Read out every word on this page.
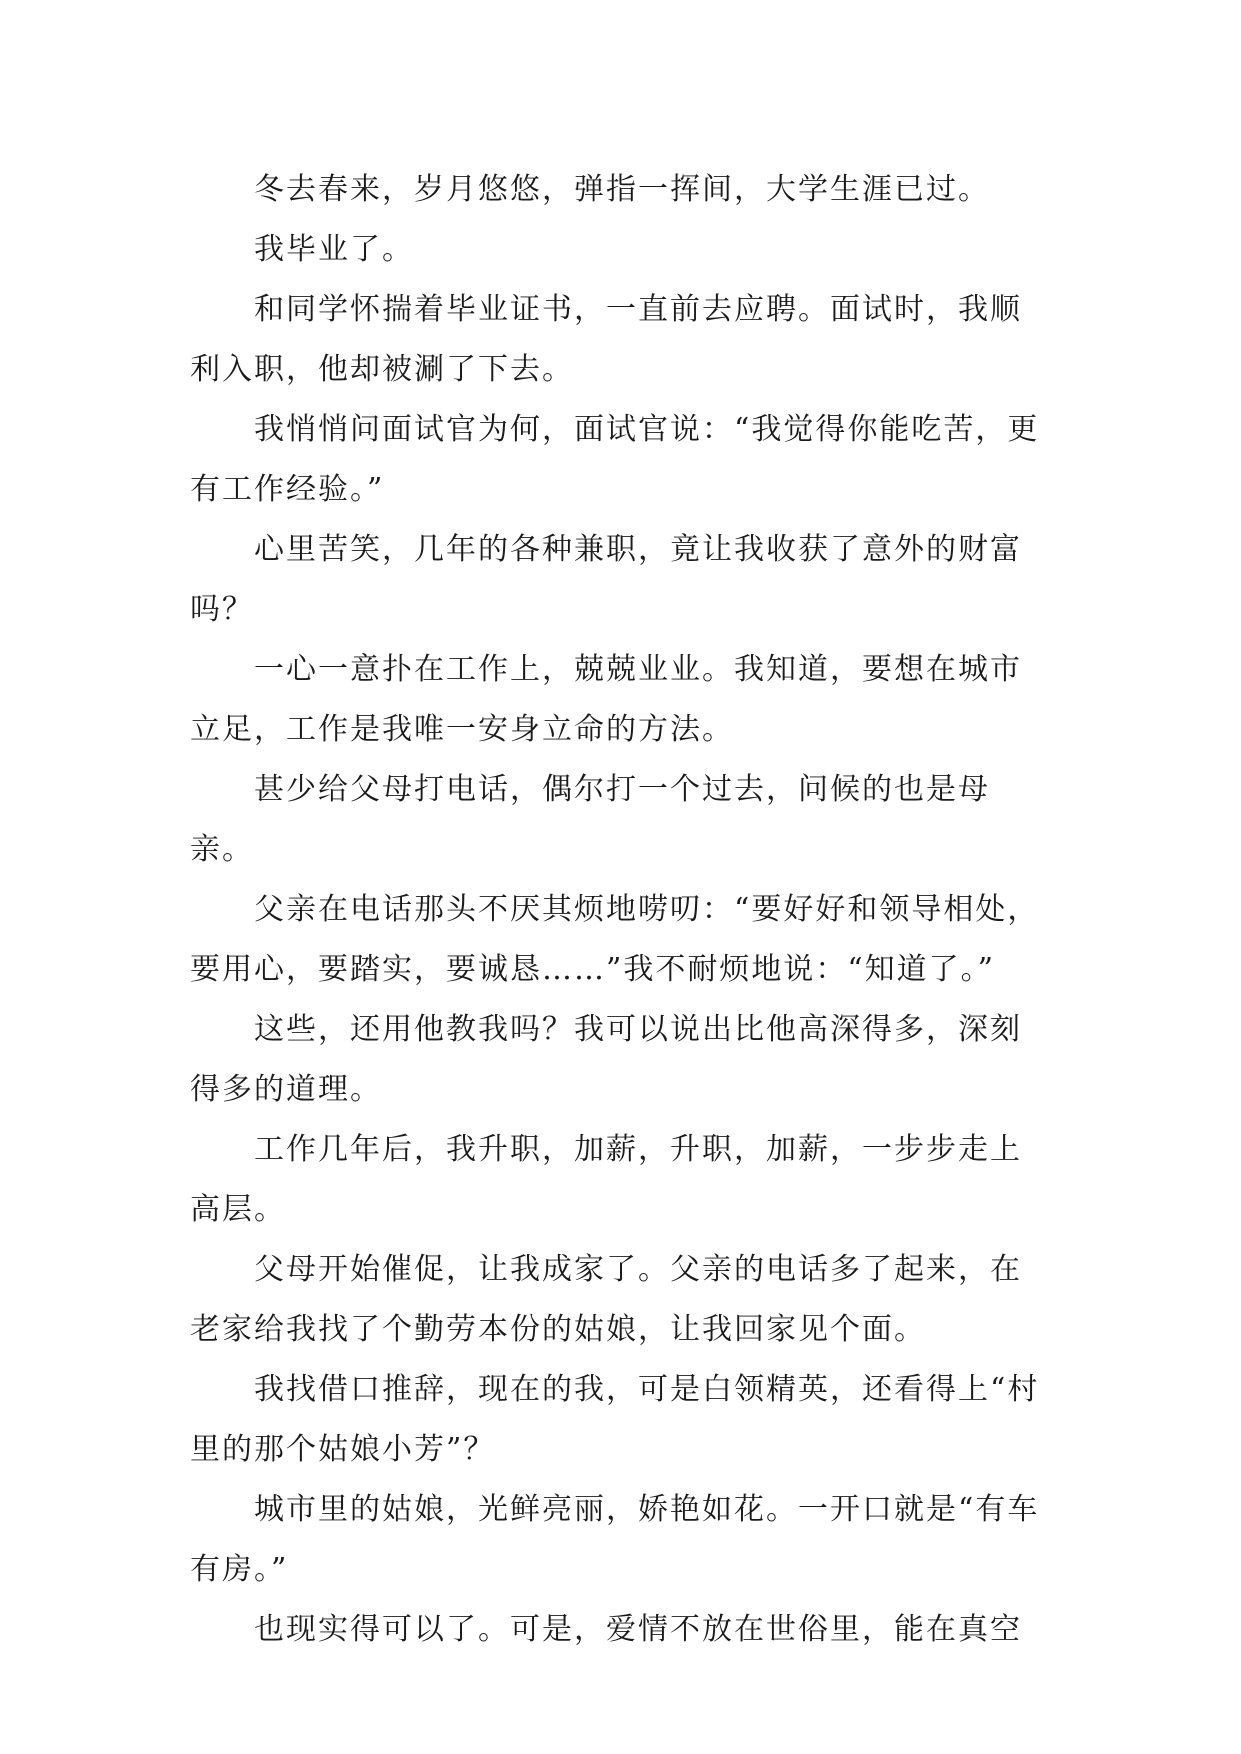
冬去春来，岁月悠悠，弹指一挥间，大学生涯已过。

我毕业了。

和同学怀揣着毕业证书，一直前去应聘。面试时，我顺利入职，他却被涮了下去。

我悄悄问面试官为何，面试官说：“我觉得你能吃苦，更有工作经验。”

心里苦笑，几年的各种兼职，竟让我收获了意外的财富吗？

一心一意扑在工作上，兢兢业业。我知道，要想在城市立足，工作是我唯一安身立命的方法。

甚少给父母打电话，偶尔打一个过去，问候的也是母亲。

父亲在电话那头不厌其烦地唠叨：“要好好和领导相处，要用心，要踏实，要诚恳……”我不耐烦地说：“知道了。”

这些，还用他教我吗？我可以说出比他高深得多，深刻得多的道理。

工作几年后，我升职，加薪，升职，加薪，一步步走上高层。

父母开始催促，让我成家了。父亲的电话多了起来，在老家给我找了个勤劳本份的姑娘，让我回家见个面。

我找借口推辞，现在的我，可是白领精英，还看得上“村里的那个姑娘小芳”？

城市里的姑娘，光鲜亮丽，娇艳如花。一开口就是“有车有房。”

也现实得可以了。可是，爱情不放在世俗里，能在真空
